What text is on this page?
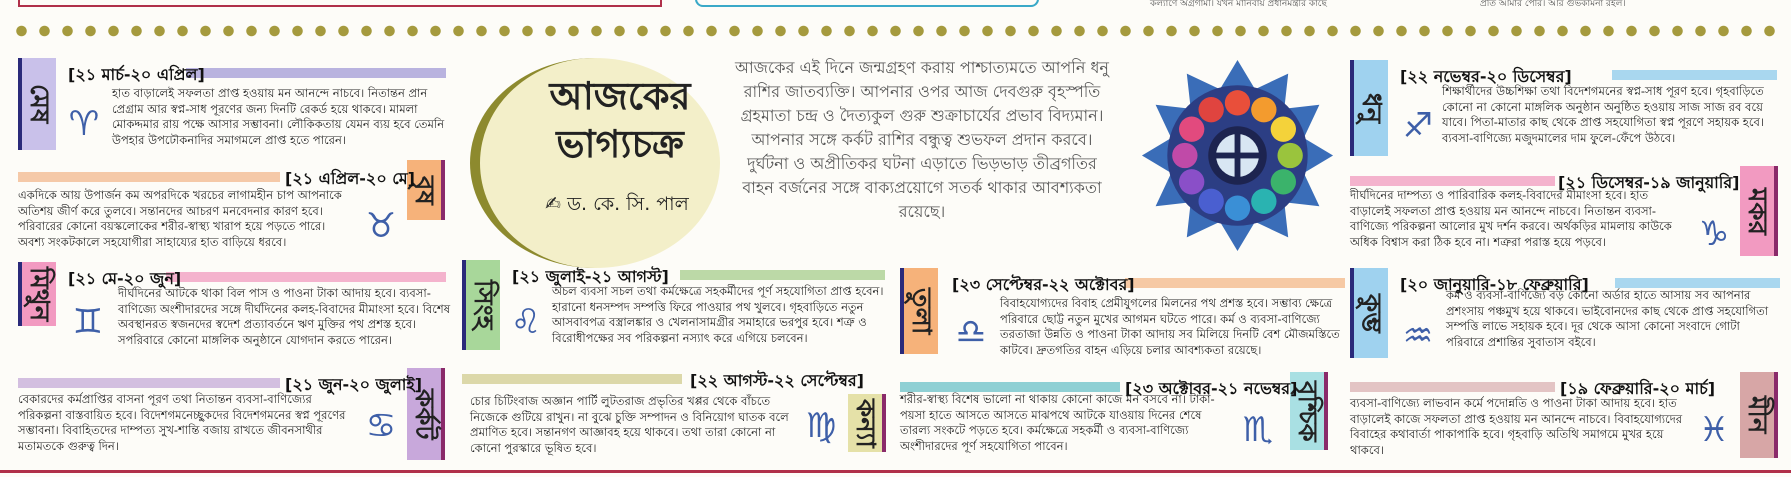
কল্যাণে অগ্রগামী। যখন মানিবায় প্রধানমন্ত্রীর কাছে	প্রতি আমার পৌর। আর গুভকামনা রইল।
আজকের
ভাগ্যচক্র
✍ ড. কে. সি. পাল
আজকের এই দিনে জন্মগ্রহণ করায় পাশ্চাত্যমতে আপনি ধনু রাশির জাতব্যক্তি। আপনার ওপর আজ দেবগুরু বৃহস্পতি গ্রহমাতা চন্দ্র ও দৈত্যকুল গুরু শুক্রাচার্যের প্রভাব বিদ্যমান। আপনার সঙ্গে কর্কট রাশির বন্ধুত্ব শুভফল প্রদান করবে। দুর্ঘটনা ও অপ্রীতিকর ঘটনা এড়াতে ভিড়ভাড় তীব্রগতির বাহন বর্জনের সঙ্গে বাক্যপ্রয়োগে সতর্ক থাকার আবশ্যকতা রয়েছে।
মেষ
[২১ মার্চ-২০ এপ্রিল]
♈
হাত বাড়ালেই সফলতা প্রাপ্ত হওয়ায় মন আনন্দে নাচবে। নিতান্তন প্রান প্রেগ্রাম আর স্বপ্ন-সাধ পূরণের জন্য দিনটি রেকর্ড হয়ে থাকবে। মামলা মোকদ্দমার রায় পক্ষে আসার সম্ভাবনা। লৌকিকতায় যেমন ব্যয় হবে তেমনি উপহার উপঢৌকনাদির সমাগমলে প্রাপ্ত হতে পারেন।
বৃষ
[২১ এপ্রিল-২০ মে]
♉
একদিকে আয় উপার্জন কম অপরদিকে খরচের লাগামহীন চাপ আপনাকে অতিশয় জীর্ণ করে তুলবে। সন্তানদের আচরণ মনবেদনার কারণ হবে। পরিবারের কোনো বয়স্কলোকের শরীর-স্বাস্থ্য খারাপ হয়ে পড়তে পারে। অবশ্য সংকটকালে সহযোগীরা সাহায্যের হাত বাড়িয়ে ধরবে।
মিথুন [২১ মে-২০ জুন]
♊
দীর্ঘদিনের আটকে থাকা বিল পাস ও পাওনা টাকা আদায় হবে। ব্যবসা-বাণিজ্যে অংশীদারদের সঙ্গে দীর্ঘদিনের কলহ-বিবাদের মীমাংসা হবে। বিশেষ অবস্থানরত স্বজনদের স্বদেশ প্রত্যাবর্তনে ঋণ মুক্তির পথ প্রশস্ত হবে। সপরিবারে কোনো মাঙ্গলিক অনুষ্ঠানে যোগদান করতে পারেন।
কর্কট
[২১ জুন-২০ জুলাই]
♋
বেকারদের কর্মপ্রাপ্তির বাসনা পূরণ তথা নিতান্তন ব্যবসা-বাণিজ্যের পরিকল্পনা বাস্তবায়িত হবে। বিদেশগমনেচ্ছুকদের বিদেশগমনের স্বপ্ন পূরণের সম্ভাবনা। বিবাহিতদের দাম্পত্য সুখ-শান্তি বজায় রাখতে জীবনসাথীর মতামতকে গুরুত্ব দিন।
সিংহ
[২১ জুলাই-২১ আগস্ট]
♌
অচল ব্যবসা সচল তথা কর্মক্ষেত্রে সহকর্মীদের পূর্ণ সহযোগিতা প্রাপ্ত হবেন। হারানো ধনসম্পদ সম্পত্তি ফিরে পাওয়ার পথ খুলবে। গৃহবাড়িতে নতুন আসবাবপত্র বস্ত্রালঙ্কার ও খেলনাসামগ্রীর সমাহারে ভরপুর হবে। শত্রু ও বিরোধীপক্ষের সব পরিকল্পনা নস্যাৎ করে এগিয়ে চলবেন।
কন্যা
[২২ আগস্ট-২২ সেপ্টেম্বর]
♍
চোর চিটিংবাজ অজ্ঞান পার্টি লুটতরাজ প্রভৃতির খপ্পর থেকে বাঁচতে নিজেকে গুটিয়ে রাখুন। না বুঝে চুক্তি সম্পাদন ও বিনিয়োগ ঘাতক বলে প্রমাণিত হবে। সন্তানগণ আজ্ঞাবহ হয়ে থাকবে। তথা তারা কোনো না কোনো পুরস্কারে ভূষিত হবে।
তুলা
[২৩ সেপ্টেম্বর-২২ অক্টোবর]
♎
বিবাহযোগ্যদের বিবাহ প্রেমীযুগলের মিলনের পথ প্রশস্ত হবে। সম্ভাব্য ক্ষেত্রে পরিবারে ছোট্ট নতুন মুখের আগমন ঘটতে পারে। কর্ম ও ব্যবসা-বাণিজ্যে তরতাজা উন্নতি ও পাওনা টাকা আদায় সব মিলিয়ে দিনটি বেশ মৌজমস্তিতে কাটবে। দ্রুতগতির বাহন এড়িয়ে চলার আবশ্যকতা রয়েছে।
বৃশ্চিক
[২৩ অক্টোবর-২১ নভেম্বর]
♏
শরীর-স্বাস্থ্য বিশেষ ভালো না থাকায় কোনো কাজে মন বসবে না। টাকা-পয়সা হাতে আসতে আসতে মাঝপথে আটকে যাওয়ায় দিনের শেষে তারল্য সংকটে পড়তে হবে। কর্মক্ষেত্রে সহকর্মী ও ব্যবসা-বাণিজ্যে অংশীদারদের পূর্ণ সহযোগিতা পাবেন।
ধনু
[২২ নভেম্বর-২০ ডিসেম্বর]
♐
শিক্ষার্থীদের উচ্চশিক্ষা তথা বিদেশগমনের স্বপ্ন-সাধ পূরণ হবে। গৃহবাড়িতে কোনো না কোনো মাঙ্গলিক অনুষ্ঠান অনুষ্ঠিত হওয়ায় সাজ সাজ রব বয়ে যাবে। পিতা-মাতার কাছ থেকে প্রাপ্ত সহযোগিতা স্বপ্ন পূরণে সহায়ক হবে। ব্যবসা-বাণিজ্যে মজুদমালের দাম ফুলে-ফেঁপে উঠবে।
মকর
[২১ ডিসেম্বর-১৯ জানুয়ারি]
♑
দীর্ঘদিনের দাম্পত্য ও পারিবারিক কলহ-বিবাদের মীমাংসা হবে। হাত বাড়ালেই সফলতা প্রাপ্ত হওয়ায় মন আনন্দে নাচবে। নিতান্তন ব্যবসা-বাণিজ্যে পরিকল্পনা আলোর মুখ দর্শন করবে। অর্থকড়ির মামলায় কাউকে অধিক বিশ্বাস করা ঠিক হবে না। শত্রুরা পরাস্ত হয়ে পড়বে।
কুম্ভ
[২০ জানুয়ারি-১৮ ফেব্রুয়ারি]
♒
কর্ম ও ব্যবসা-বাণিজ্যে বড় কোনো অর্ডার হাতে আসায় সব আপনার প্রশংসায় পঞ্চমুখ হয়ে থাকবে। ভাইবোনদের কাছ থেকে প্রাপ্ত সহযোগিতা সম্পত্তি লাভে সহায়ক হবে। দূর থেকে আসা কোনো সংবাদে গোটা পরিবারে প্রশান্তির সুবাতাস বইবে।
মীন
[১৯ ফেব্রুয়ারি-২০ মার্চ]
♓
ব্যবসা-বাণিজ্যে লাভবান কর্মে পদোন্নতি ও পাওনা টাকা আদায় হবে। হাত বাড়ালেই কাজে সফলতা প্রাপ্ত হওয়ায় মন আনন্দে নাচবে। বিবাহযোগ্যদের বিবাহের কথাবার্তা পাকাপাকি হবে। গৃহবাড়ি অতিথি সমাগমে মুখর হয়ে থাকবে।
